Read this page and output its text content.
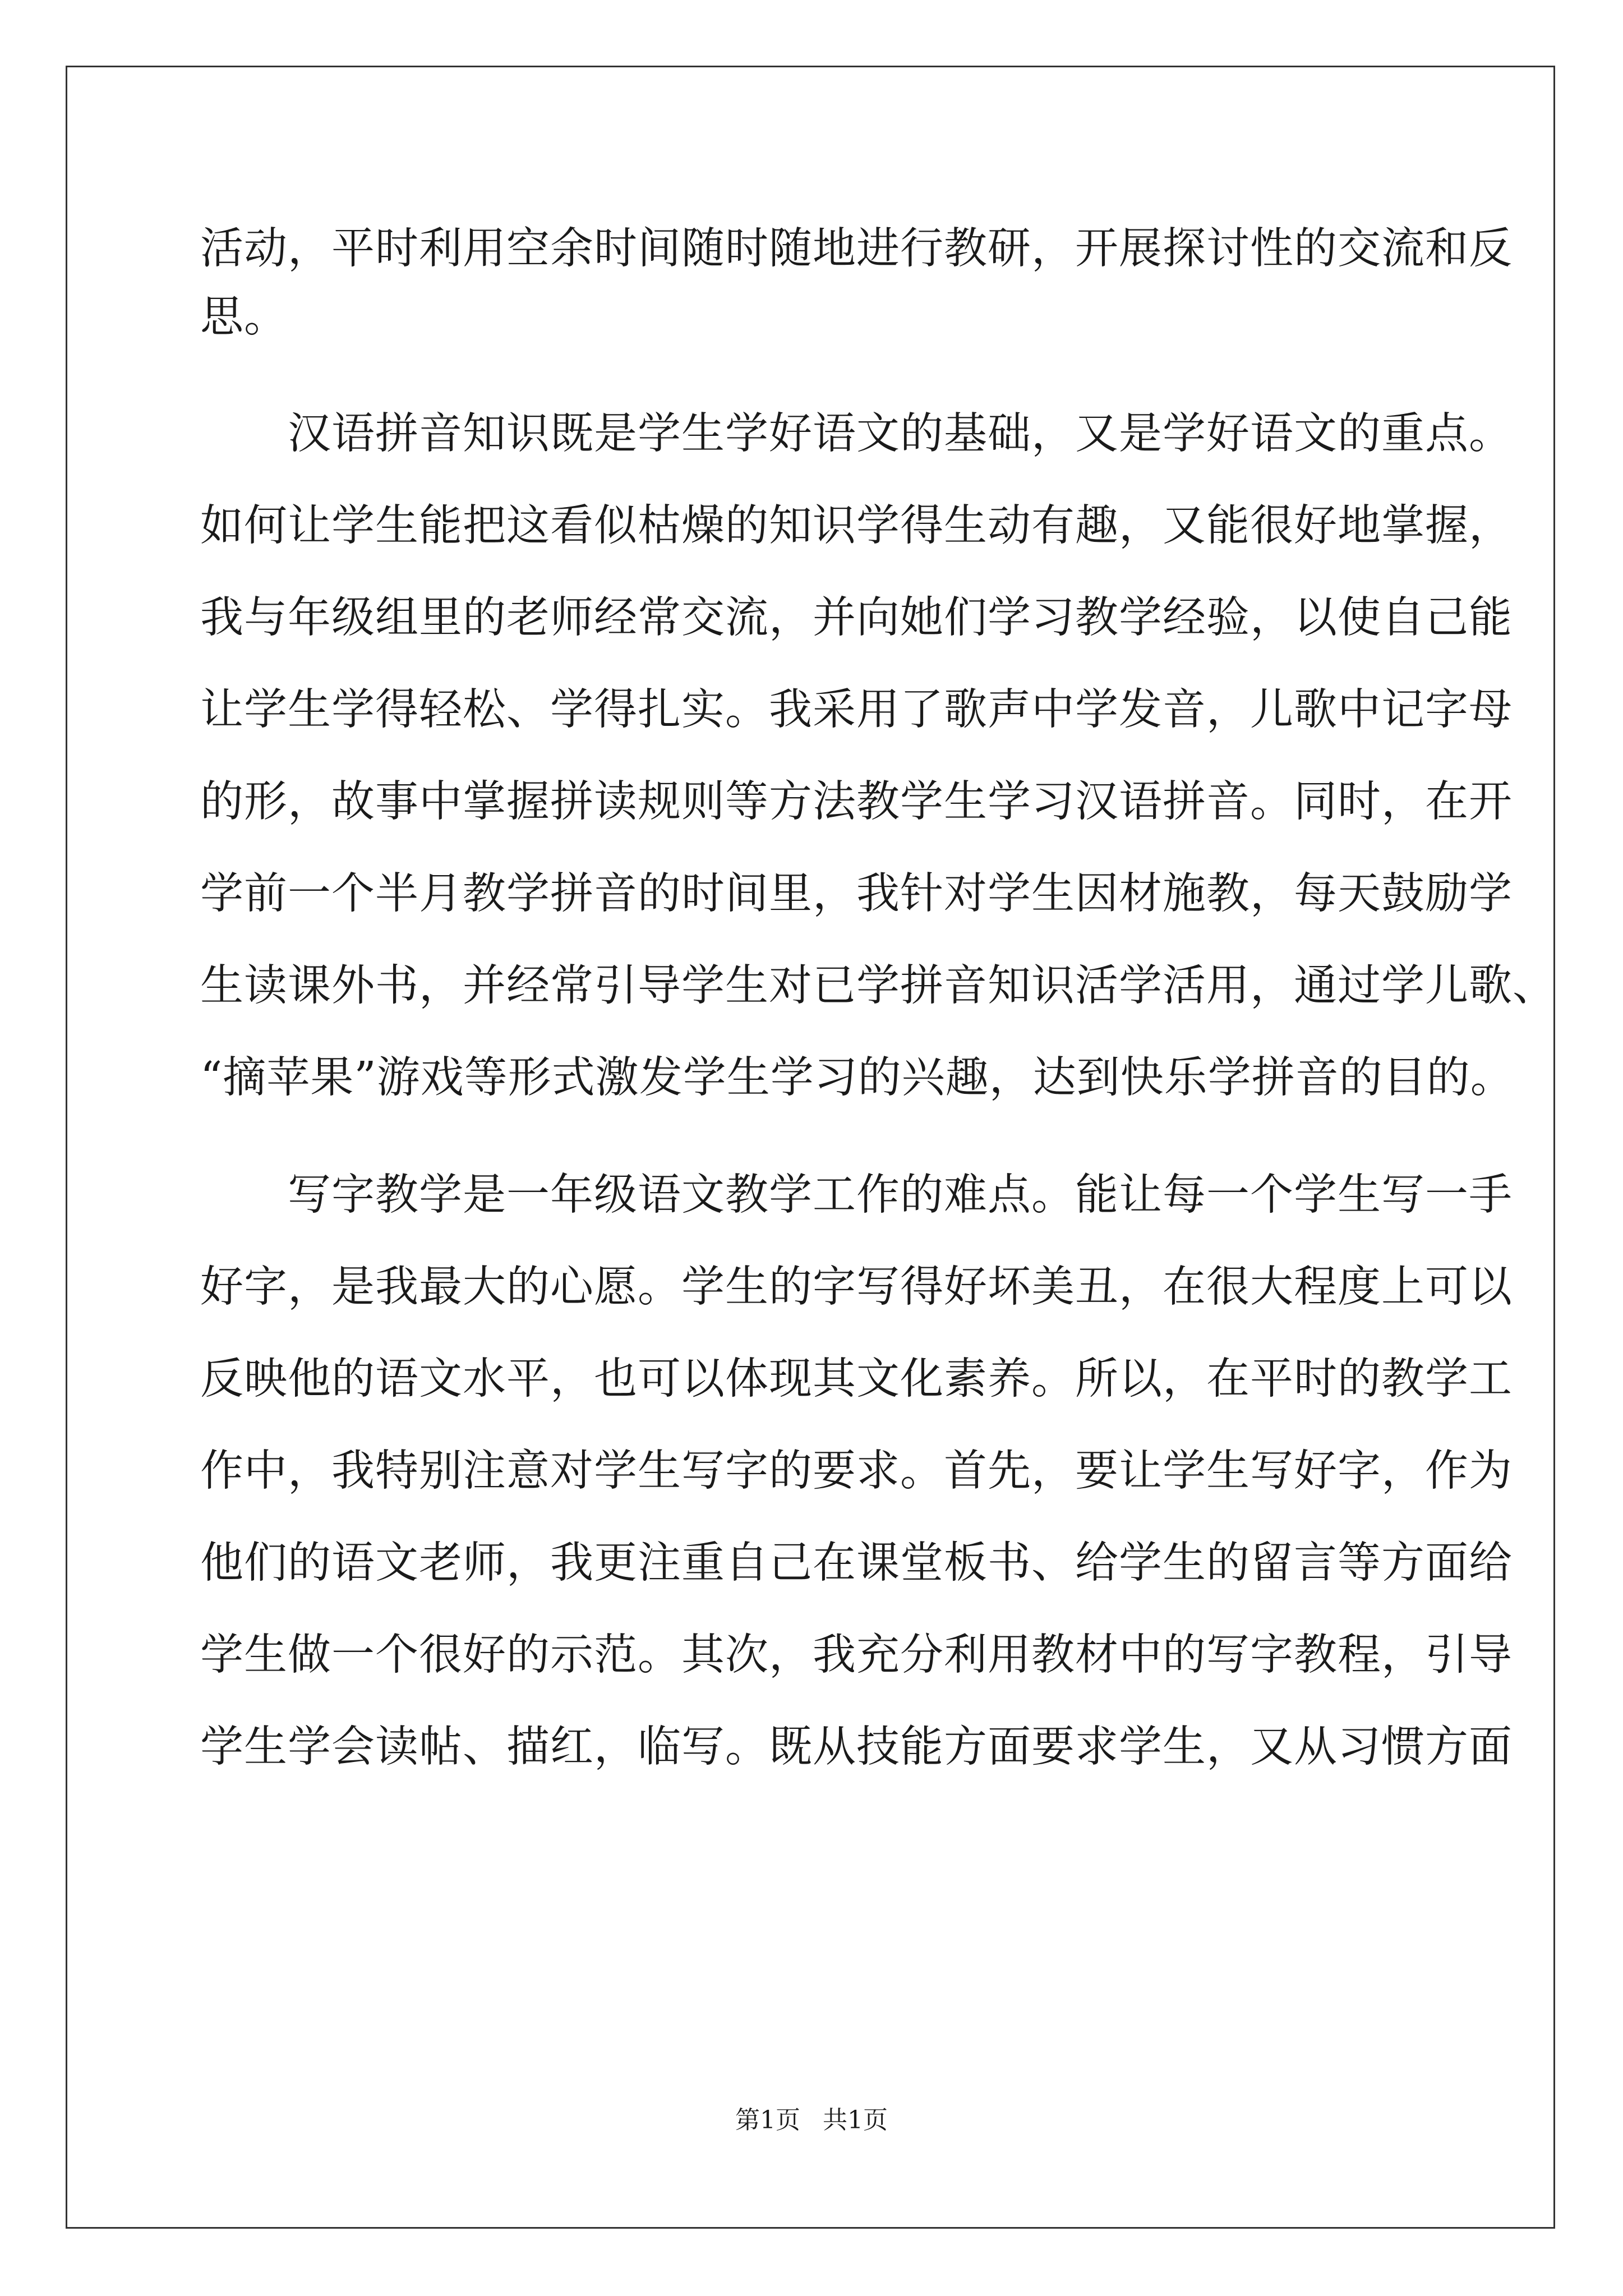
活动，平时利用空余时间随时随地进行教研，开展探讨性的交流和反
思。
　　汉语拼音知识既是学生学好语文的基础，又是学好语文的重点。
如何让学生能把这看似枯燥的知识学得生动有趣，又能很好地掌握，
我与年级组里的老师经常交流，并向她们学习教学经验，以使自己能
让学生学得轻松、学得扎实。我采用了歌声中学发音，儿歌中记字母
的形，故事中掌握拼读规则等方法教学生学习汉语拼音。同时，在开
学前一个半月教学拼音的时间里，我针对学生因材施教，每天鼓励学
生读课外书，并经常引导学生对已学拼音知识活学活用，通过学儿歌、
“摘苹果”游戏等形式激发学生学习的兴趣，达到快乐学拼音的目的。
　　写字教学是一年级语文教学工作的难点。能让每一个学生写一手
好字，是我最大的心愿。学生的字写得好坏美丑，在很大程度上可以
反映他的语文水平，也可以体现其文化素养。所以，在平时的教学工
作中，我特别注意对学生写字的要求。首先，要让学生写好字，作为
他们的语文老师，我更注重自己在课堂板书、给学生的留言等方面给
学生做一个很好的示范。其次，我充分利用教材中的写字教程，引导
学生学会读帖、描红，临写。既从技能方面要求学生，又从习惯方面
第1页 共1页
